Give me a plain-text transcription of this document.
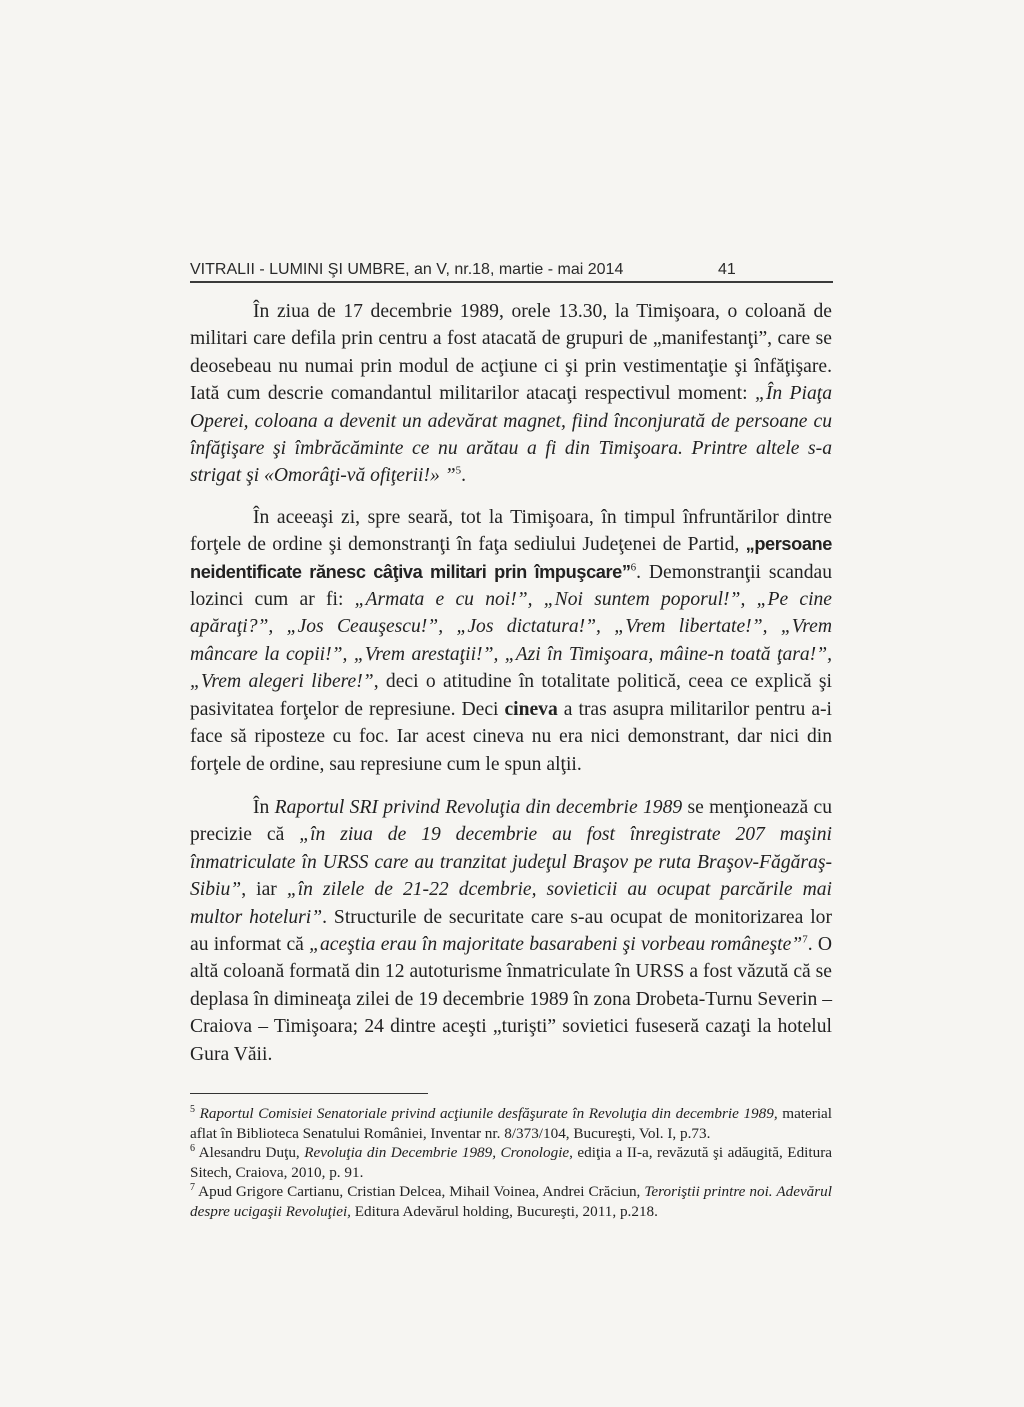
VITRALII - LUMINI ŞI UMBRE, an V, nr.18, martie - mai 2014	41

În ziua de 17 decembrie 1989, orele 13.30, la Timişoara, o coloană de militari care defila prin centru a fost atacată de grupuri de „manifestanţi”, care se deosebeau nu numai prin modul de acţiune ci şi prin vestimentaţie şi înfăţişare. Iată cum descrie comandantul militarilor atacaţi respectivul moment: „În Piaţa Operei, coloana a devenit un adevărat magnet, fiind înconjurată de persoane cu înfăţişare şi îmbrăcăminte ce nu arătau a fi din Timişoara. Printre altele s-a strigat şi «Omorâţi-vă ofiţerii!» ”$^5$.

În aceeaşi zi, spre seară, tot la Timişoara, în timpul înfruntărilor dintre forţele de ordine şi demonstranţi în faţa sediului Judeţenei de Partid, „persoane neidentificate rănesc câţiva militari prin împuşcare”$^6$. Demonstranţii scandau lozinci cum ar fi: „Armata e cu noi!”, „Noi suntem poporul!”, „Pe cine apăraţi?”, „Jos Ceauşescu!”, „Jos dictatura!”, „Vrem libertate!”, „Vrem mâncare la copii!”, „Vrem arestaţii!”, „Azi în Timişoara, mâine-n toată ţara!”, „Vrem alegeri libere!”, deci o atitudine în totalitate politică, ceea ce explică şi pasivitatea forţelor de represiune. Deci cineva a tras asupra militarilor pentru a-i face să riposteze cu foc. Iar acest cineva nu era nici demonstrant, dar nici din forţele de ordine, sau represiune cum le spun alţii.

În Raportul SRI privind Revoluţia din decembrie 1989 se menţionează cu precizie că „în ziua de 19 decembrie au fost înregistrate 207 maşini înmatriculate în URSS care au tranzitat judeţul Braşov pe ruta Braşov-Făgăraş-Sibiu”, iar „în zilele de 21-22 dcembrie, sovieticii au ocupat parcările mai multor hoteluri”. Structurile de securitate care s-au ocupat de monitorizarea lor au informat că „aceştia erau în majoritate basarabeni şi vorbeau româneşte”$^7$. O altă coloană formată din 12 autoturisme înmatriculate în URSS a fost văzută că se deplasa în dimineaţa zilei de 19 decembrie 1989 în zona Drobeta-Turnu Severin – Craiova – Timişoara; 24 dintre aceşti „turişti” sovietici fuseseră cazaţi la hotelul Gura Văii.

$^5$ Raportul Comisiei Senatoriale privind acţiunile desfăşurate în Revoluţia din decembrie 1989, material aflat în Biblioteca Senatului României, Inventar nr. 8/373/104, Bucureşti, Vol. I, p.73.

$^6$ Alesandru Duţu, Revoluţia din Decembrie 1989, Cronologie, ediţia a II-a, revăzută şi adăugită, Editura Sitech, Craiova, 2010, p. 91.

$^7$ Apud Grigore Cartianu, Cristian Delcea, Mihail Voinea, Andrei Crăciun, Teroriştii printre noi. Adevărul despre ucigaşii Revoluţiei, Editura Adevărul holding, Bucureşti, 2011, p.218.
